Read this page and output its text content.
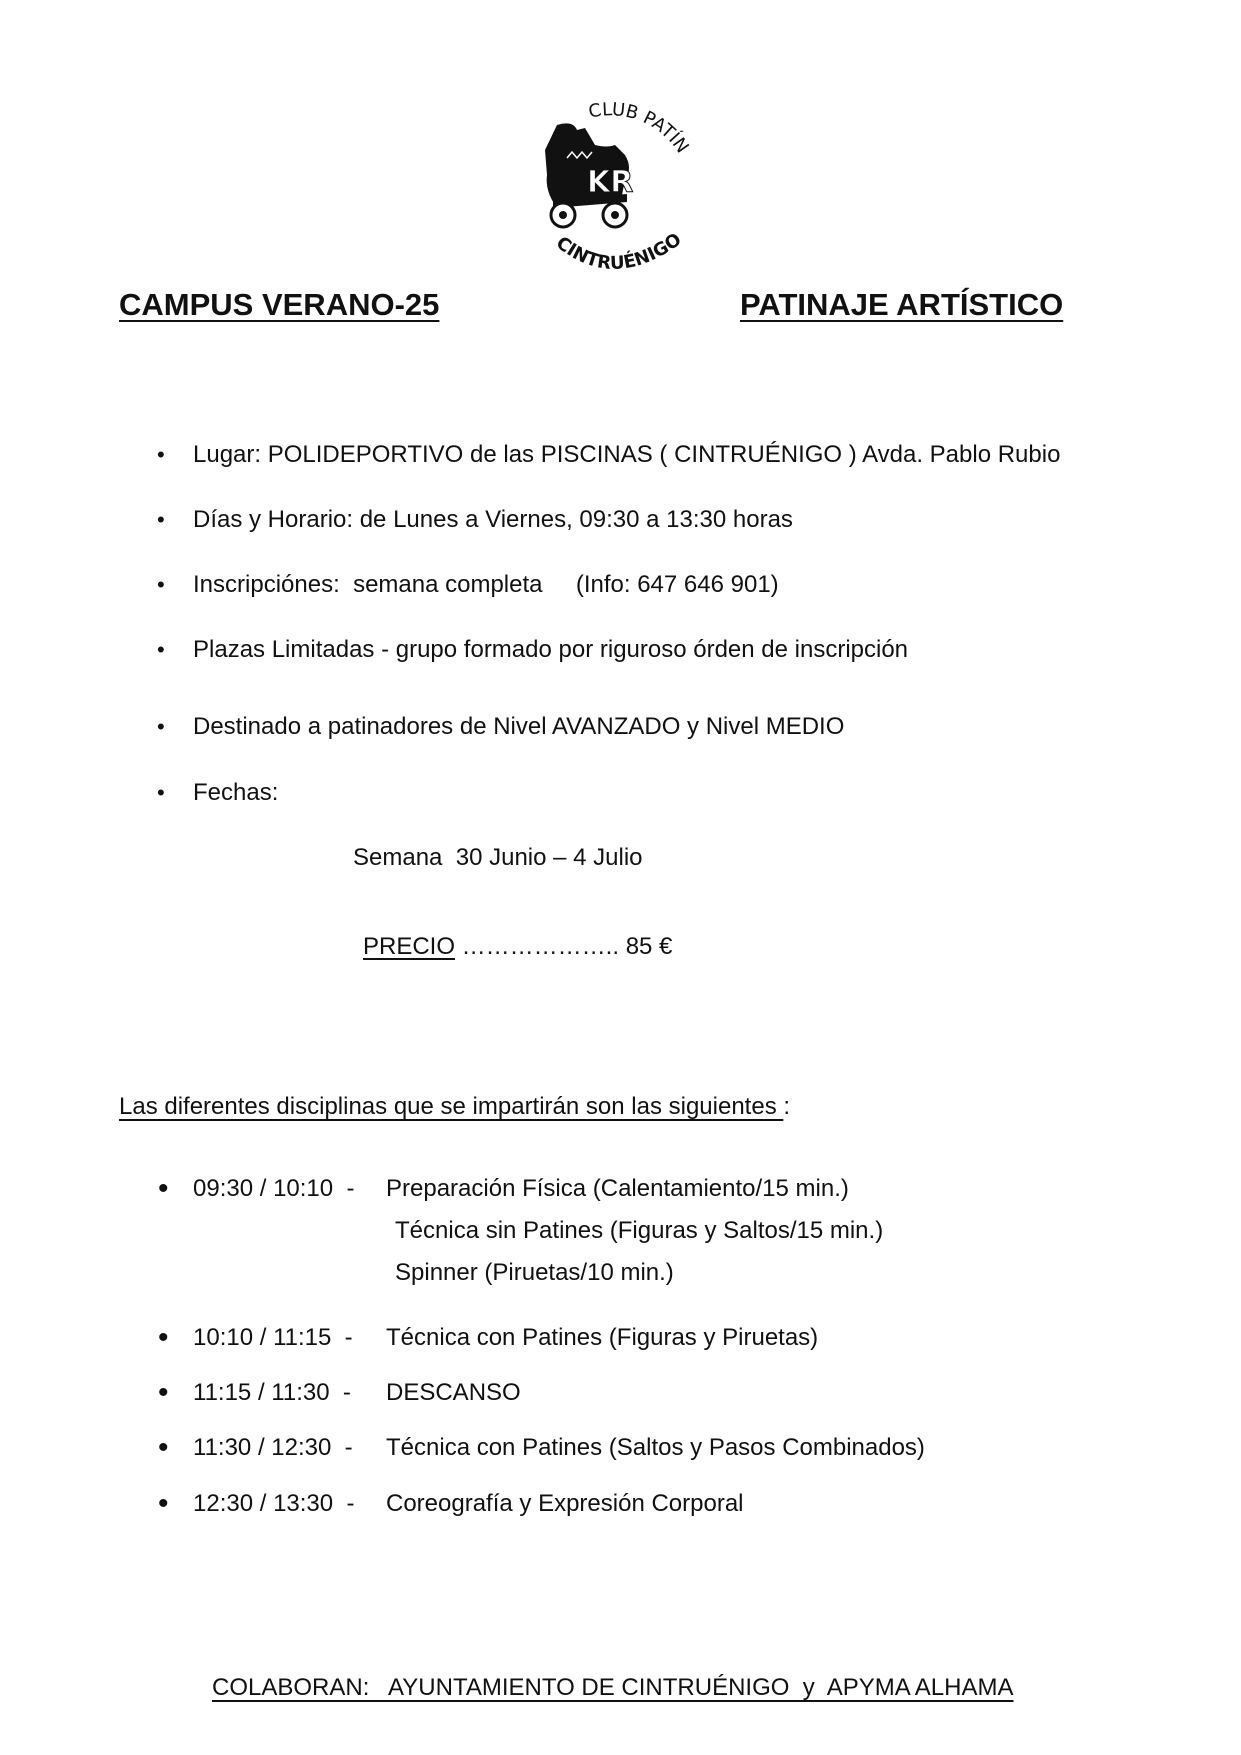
KR
CLUB PATÍN
CINTRUÉNIGO
CAMPUS VERANO-25	PATINAJE ARTÍSTICO
• Lugar: POLIDEPORTIVO de las PISCINAS ( CINTRUÉNIGO ) Avda. Pablo Rubio
• Días y Horario: de Lunes a Viernes, 09:30 a 13:30 horas
• Inscripciónes:  semana completa     (Info: 647 646 901)
• Plazas Limitadas - grupo formado por riguroso órden de inscripción
• Destinado a patinadores de Nivel AVANZADO y Nivel MEDIO
• Fechas:
Semana  30 Junio – 4 Julio
PRECIO ……………….. 85 €
Las diferentes disciplinas que se impartirán son las siguientes :
• 09:30 / 10:10  - Preparación Física (Calentamiento/15 min.)
Técnica sin Patines (Figuras y Saltos/15 min.)
Spinner (Piruetas/10 min.)
• 10:10 / 11:15  - Técnica con Patines (Figuras y Piruetas)
• 11:15 / 11:30  - DESCANSO
• 11:30 / 12:30  - Técnica con Patines (Saltos y Pasos Combinados)
• 12:30 / 13:30  - Coreografía y Expresión Corporal
COLABORAN:   AYUNTAMIENTO DE CINTRUÉNIGO  y  APYMA ALHAMA
